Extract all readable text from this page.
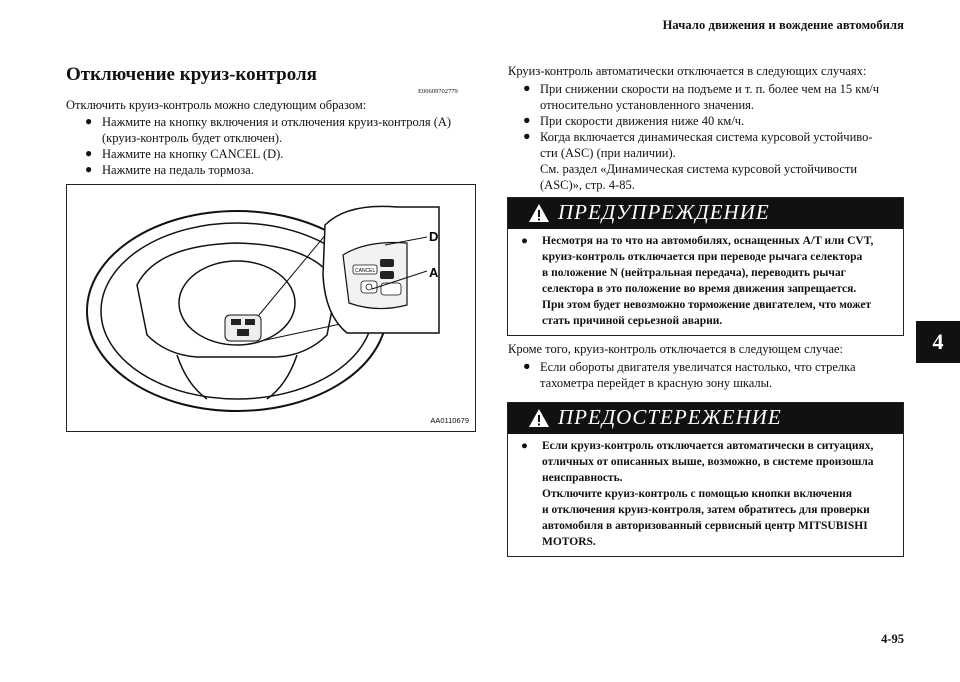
Начало движения и вождение автомобиля
Отключение круиз-контроля
E00609702779
Отключить круиз-контроль можно следующим образом:
● Нажмите на кнопку включения и отключения круиз-контроля (A) (круиз-контроль будет отключен).
● Нажмите на кнопку CANCEL (D).
● Нажмите на педаль тормоза.
CANCEL
D
A
AA0110679
Круиз-контроль автоматически отключается в следующих случаях:
● При снижении скорости на подъеме и т. п. более чем на 15 км/ч
относительно установленного значения.
● При скорости движения ниже 40 км/ч.
● Когда включается динамическая система курсовой устойчиво-
сти (ASC) (при наличии).
См. раздел «Динамическая система курсовой устойчивости
(ASC)», стр. 4-85.
ПРЕДУПРЕЖДЕНИЕ
● Несмотря на то что на автомобилях, оснащенных A/T или CVT,
круиз-контроль отключается при переводе рычага селектора
в положение N (нейтральная передача), переводить рычаг
селектора в это положение во время движения запрещается.
При этом будет невозможно торможение двигателем, что может
стать причиной серьезной аварии.
Кроме того, круиз-контроль отключается в следующем случае:
● Если обороты двигателя увеличатся настолько, что стрелка
тахометра перейдет в красную зону шкалы.
ПРЕДОСТЕРЕЖЕНИЕ
● Если круиз-контроль отключается автоматически в ситуациях,
отличных от описанных выше, возможно, в системе произошла
неисправность.
Отключите круиз-контроль с помощью кнопки включения
и отключения круиз-контроля, затем обратитесь для проверки
автомобиля в авторизованный сервисный центр MITSUBISHI
MOTORS.
4
4-95
